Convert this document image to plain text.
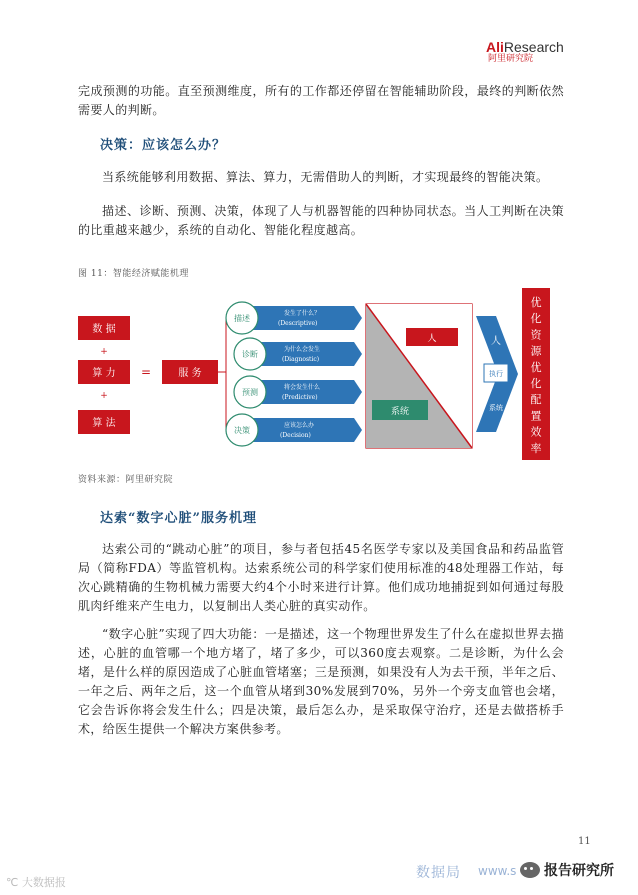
AliResearch
阿里研究院
完成预测的功能。直至预测维度，所有的工作都还停留在智能辅助阶段，最终的判断依然需要人的判断。
决策：应该怎么办？
当系统能够利用数据、算法、算力，无需借助人的判断，才实现最终的智能决策。
描述、诊断、预测、决策，体现了人与机器智能的四种协同状态。当人工判断在决策的比重越来越少，系统的自动化、智能化程度越高。
图 11：智能经济赋能机理
数 据
+
算 力
+
算 法
=	服 务
描述
发生了什么？
(Descriptive)
诊断
为什么会发生
(Diagnostic)
预测
将会发生什么
(Predictive)
决策
应该怎么办
(Decision)
人
系统
人
执行
系统
优
化
资
源
优
化
配
置
效
率
资料来源：阿里研究院
达索“数字心脏”服务机理
达索公司的“跳动心脏”的项目，参与者包括45名医学专家以及美国食品和药品监管局（简称FDA）等监管机构。达索系统公司的科学家们使用标准的48处理器工作站，每次心跳精确的生物机械力需要大约4个小时来进行计算。他们成功地捕捉到如何通过每股肌肉纤维来产生电力，以复制出人类心脏的真实动作。
“数字心脏”实现了四大功能：一是描述，这一个物理世界发生了什么在虚拟世界去描述，心脏的血管哪一个地方堵了，堵了多少，可以360度去观察。二是诊断，为什么会堵，是什么样的原因造成了心脏血管堵塞；三是预测，如果没有人为去干预，半年之后、一年之后、两年之后，这一个血管从堵到30%发展到70%，另外一个旁支血管也会堵，它会告诉你将会发生什么；四是决策，最后怎么办，是采取保守治疗，还是去做搭桥手术，给医生提供一个解决方案供参考。
11
℃ 大数据报
数据局 www.s 报告研究所
